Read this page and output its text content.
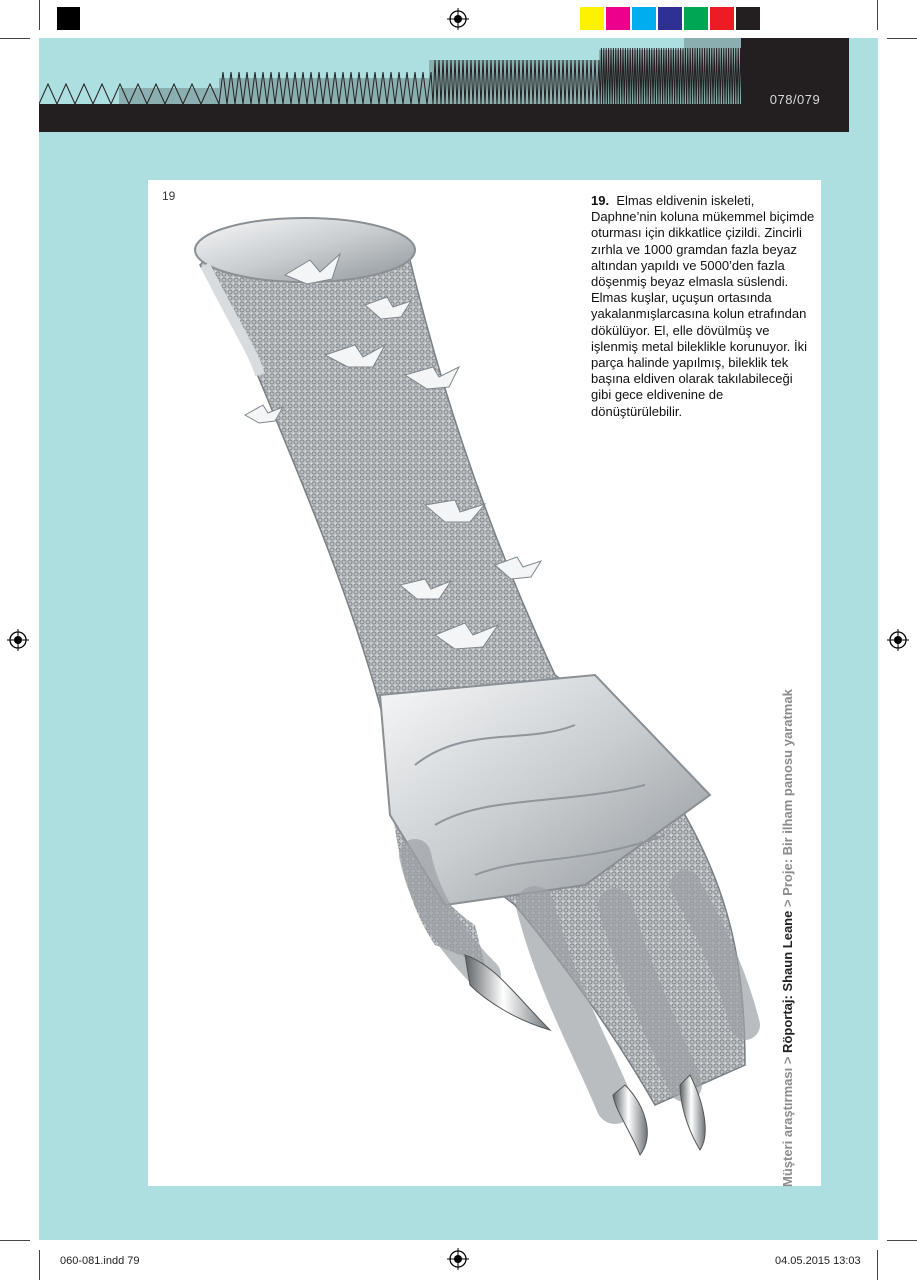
078/079
19	19. Elmas eldivenin iskeleti, Daphne’nin koluna mükemmel biçimde oturması için dikkatlice çizildi. Zincirli zırhla ve 1000 gramdan fazla beyaz altından yapıldı ve 5000’den fazla döşenmiş beyaz elmasla süslendi. Elmas kuşlar, uçuşun ortasında yakalanmışlarcasına kolun etrafından dökülüyor. El, elle dövülmüş ve işlenmiş metal bileklikle korunuyor. İki parça halinde yapılmış, bileklik tek başına eldiven olarak takılabileceği gibi gece eldivenine de dönüştürülebilir.
Müşteri araştırması > Röportaj: Shaun Leane > Proje: Bir ilham panosu yaratmak
060-081.indd 79	04.05.2015 13:03
